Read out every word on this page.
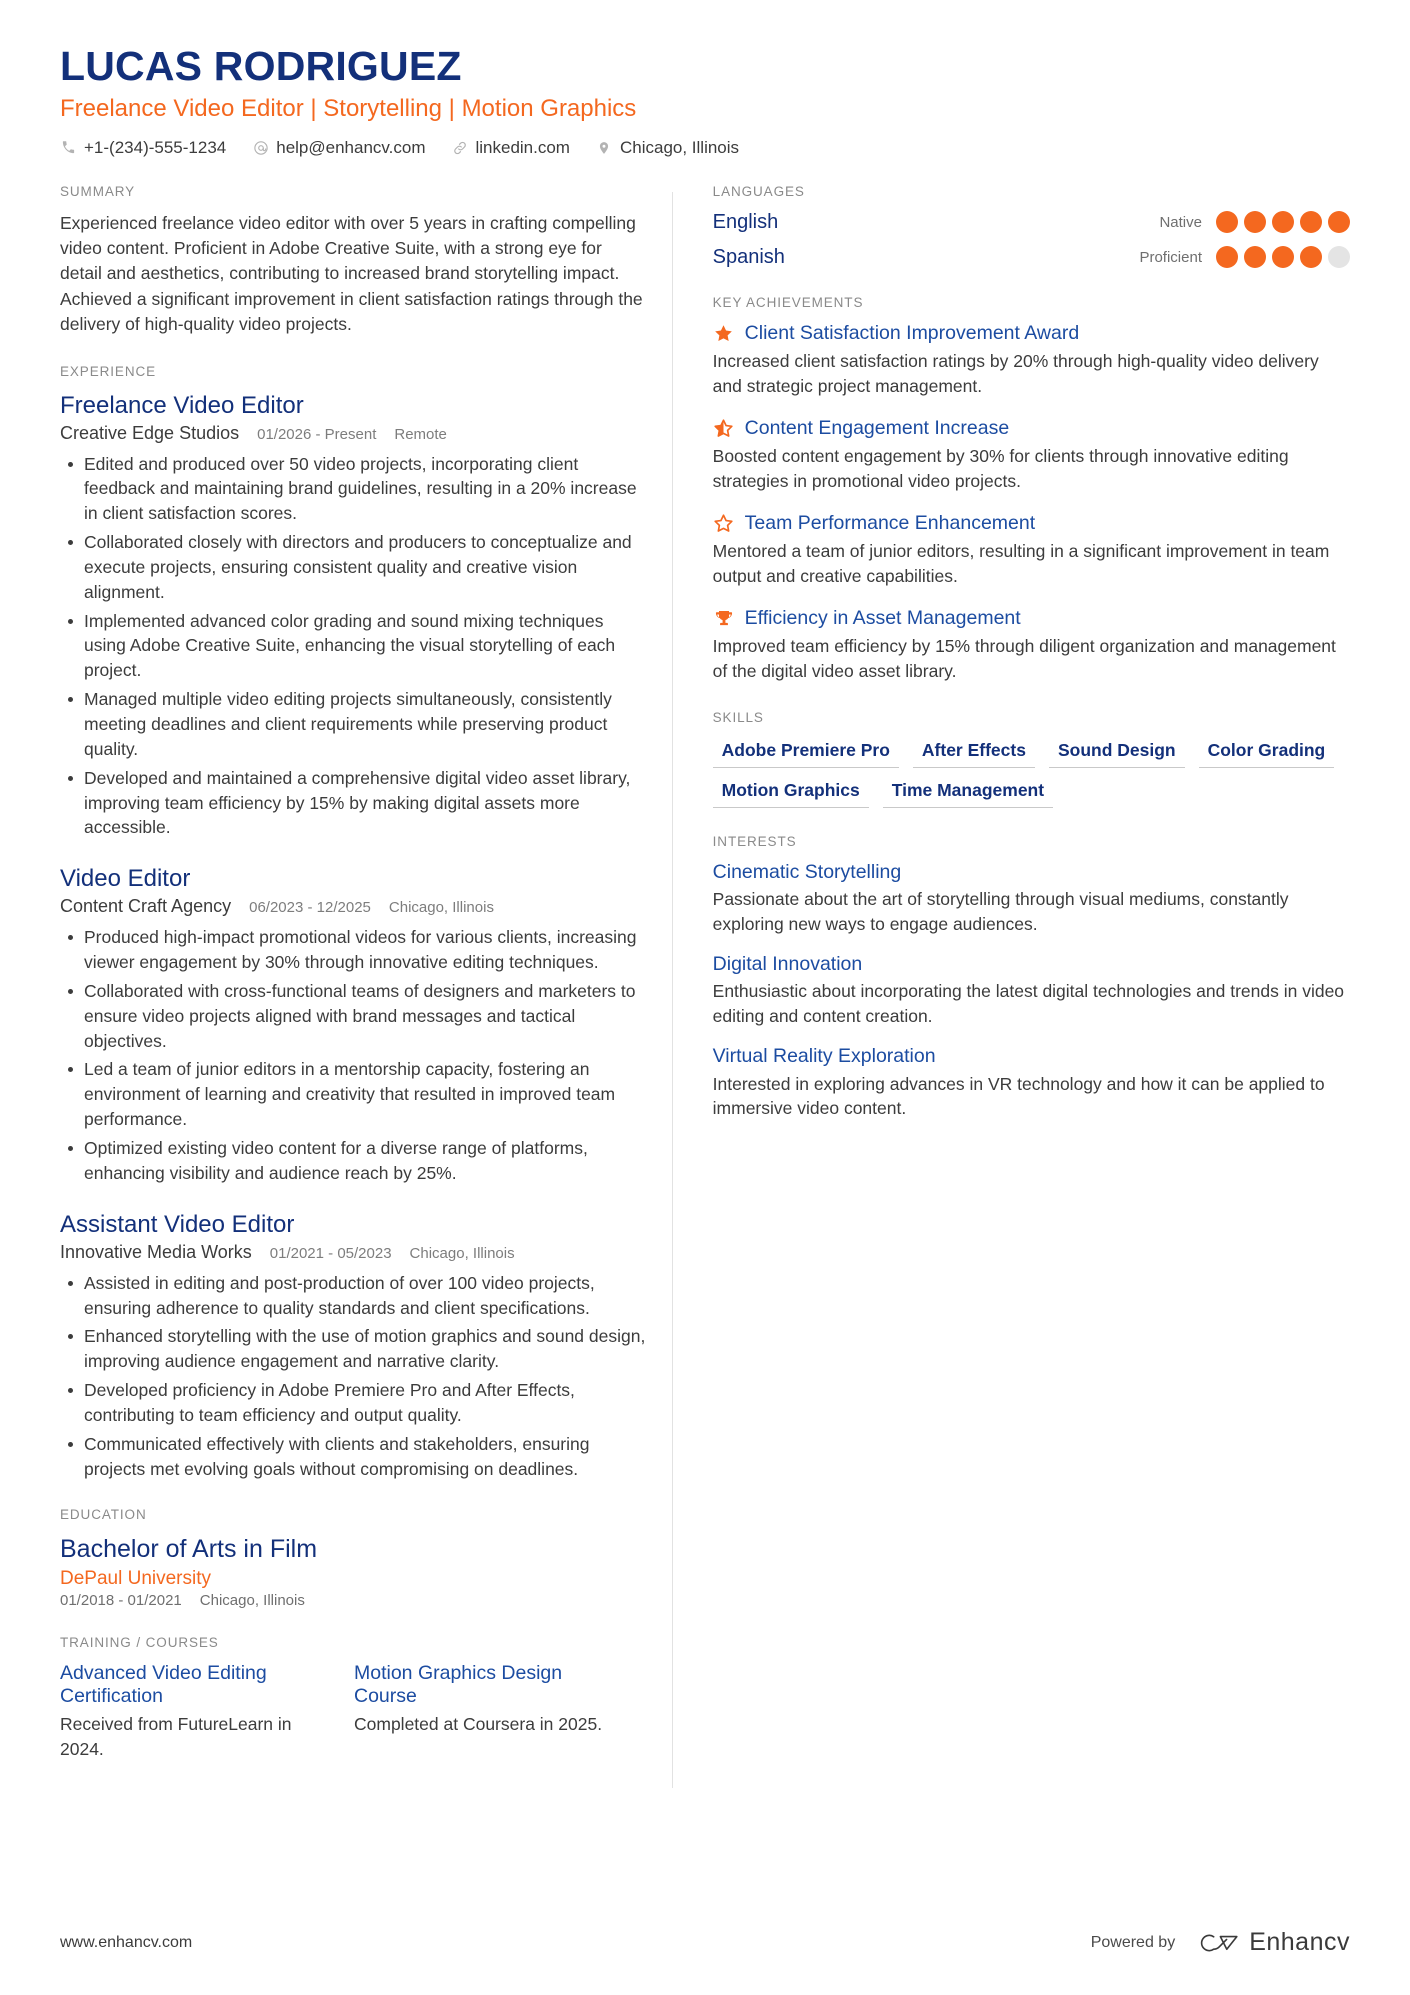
LUCAS RODRIGUEZ
Freelance Video Editor | Storytelling | Motion Graphics
+1-(234)-555-1234	help@enhancv.com	linkedin.com	Chicago, Illinois
SUMMARY
Experienced freelance video editor with over 5 years in crafting compelling video content. Proficient in Adobe Creative Suite, with a strong eye for detail and aesthetics, contributing to increased brand storytelling impact. Achieved a significant improvement in client satisfaction ratings through the delivery of high-quality video projects.
EXPERIENCE
Freelance Video Editor
Creative Edge Studios 01/2026 - Present Remote
Edited and produced over 50 video projects, incorporating client feedback and maintaining brand guidelines, resulting in a 20% increase in client satisfaction scores.
Collaborated closely with directors and producers to conceptualize and execute projects, ensuring consistent quality and creative vision alignment.
Implemented advanced color grading and sound mixing techniques using Adobe Creative Suite, enhancing the visual storytelling of each project.
Managed multiple video editing projects simultaneously, consistently meeting deadlines and client requirements while preserving product quality.
Developed and maintained a comprehensive digital video asset library, improving team efficiency by 15% by making digital assets more accessible.
Video Editor
Content Craft Agency 06/2023 - 12/2025 Chicago, Illinois
Produced high-impact promotional videos for various clients, increasing viewer engagement by 30% through innovative editing techniques.
Collaborated with cross-functional teams of designers and marketers to ensure video projects aligned with brand messages and tactical objectives.
Led a team of junior editors in a mentorship capacity, fostering an environment of learning and creativity that resulted in improved team performance.
Optimized existing video content for a diverse range of platforms, enhancing visibility and audience reach by 25%.
Assistant Video Editor
Innovative Media Works 01/2021 - 05/2023 Chicago, Illinois
Assisted in editing and post-production of over 100 video projects, ensuring adherence to quality standards and client specifications.
Enhanced storytelling with the use of motion graphics and sound design, improving audience engagement and narrative clarity.
Developed proficiency in Adobe Premiere Pro and After Effects, contributing to team efficiency and output quality.
Communicated effectively with clients and stakeholders, ensuring projects met evolving goals without compromising on deadlines.
EDUCATION
Bachelor of Arts in Film
DePaul University
01/2018 - 01/2021 Chicago, Illinois
TRAINING / COURSES
Advanced Video Editing Certification
Received from FutureLearn in 2024.
Motion Graphics Design Course
Completed at Coursera in 2025.
LANGUAGES
English	Native
Spanish	Proficient
KEY ACHIEVEMENTS
Client Satisfaction Improvement Award
Increased client satisfaction ratings by 20% through high-quality video delivery and strategic project management.
Content Engagement Increase
Boosted content engagement by 30% for clients through innovative editing strategies in promotional video projects.
Team Performance Enhancement
Mentored a team of junior editors, resulting in a significant improvement in team output and creative capabilities.
Efficiency in Asset Management
Improved team efficiency by 15% through diligent organization and management of the digital video asset library.
SKILLS
Adobe Premiere Pro	After Effects	Sound Design	Color Grading
Motion Graphics	Time Management
INTERESTS
Cinematic Storytelling
Passionate about the art of storytelling through visual mediums, constantly exploring new ways to engage audiences.
Digital Innovation
Enthusiastic about incorporating the latest digital technologies and trends in video editing and content creation.
Virtual Reality Exploration
Interested in exploring advances in VR technology and how it can be applied to immersive video content.
www.enhancv.com	Powered by	Enhancv
